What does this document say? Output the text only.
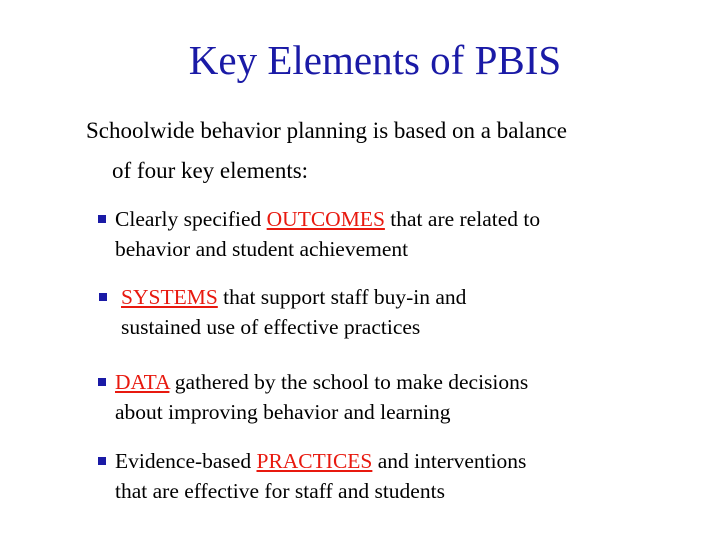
Key Elements of PBIS
Schoolwide behavior planning is based on a balance
of four key elements:
Clearly specified OUTCOMES that are related to
behavior and student achievement
SYSTEMS that support staff buy-in and
sustained use of effective practices
DATA gathered by the school to make decisions
about improving behavior and learning
Evidence-based PRACTICES and interventions
that are effective for staff and students
